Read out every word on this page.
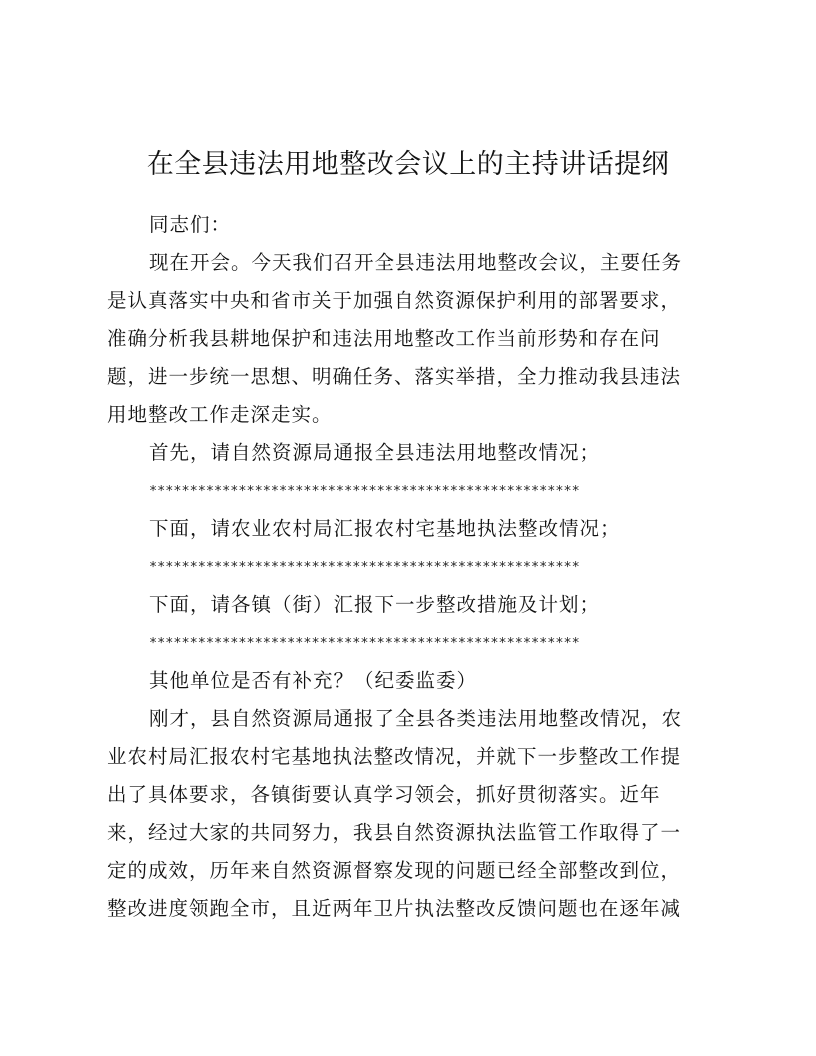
在全县违法用地整改会议上的主持讲话提纲
同志们：
现在开会。今天我们召开全县违法用地整改会议，主要任务
是认真落实中央和省市关于加强自然资源保护利用的部署要求，
准确分析我县耕地保护和违法用地整改工作当前形势和存在问
题，进一步统一思想、明确任务、落实举措，全力推动我县违法
用地整改工作走深走实。
首先，请自然资源局通报全县违法用地整改情况；
*****************************************************
下面，请农业农村局汇报农村宅基地执法整改情况；
*****************************************************
下面，请各镇（街）汇报下一步整改措施及计划；
*****************************************************
其他单位是否有补充？（纪委监委）
刚才，县自然资源局通报了全县各类违法用地整改情况，农
业农村局汇报农村宅基地执法整改情况，并就下一步整改工作提
出了具体要求，各镇街要认真学习领会，抓好贯彻落实。近年
来，经过大家的共同努力，我县自然资源执法监管工作取得了一
定的成效，历年来自然资源督察发现的问题已经全部整改到位，
整改进度领跑全市，且近两年卫片执法整改反馈问题也在逐年减
